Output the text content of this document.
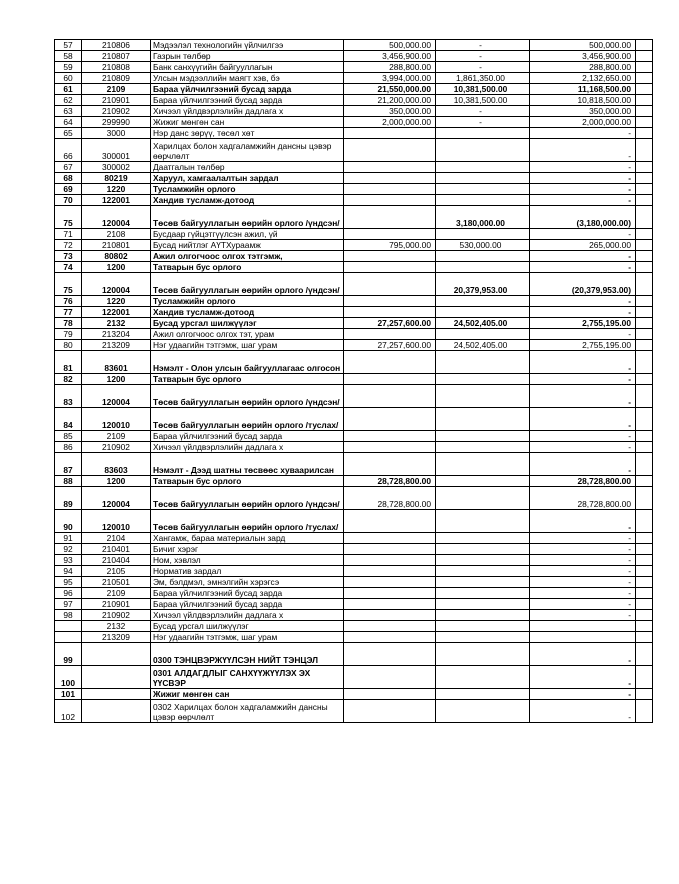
57	210806	Мэдээлэл технологийн үйлчилгээ	500,000.00	-	500,000.00	
58	210807	Газрын төлбөр	3,456,900.00	-	3,456,900.00	
59	210808	Банк санхүүгийн байгууллагын	288,800.00	-	288,800.00	
60	210809	Улсын мэдээллийн маягт хэв, бэ	3,994,000.00	1,861,350.00	2,132,650.00	
61	2109	Бараа үйлчилгээний бусад зарда	21,550,000.00	10,381,500.00	11,168,500.00	
62	210901	Бараа үйлчилгээний бусад зарда	21,200,000.00	10,381,500.00	10,818,500.00	
63	210902	Хичээл үйлдвэрлэлийн дадлага х	350,000.00	-	350,000.00	
64	299990	Жижиг мөнгөн сан	2,000,000.00	-	2,000,000.00	
65	3000	Нэр данс зөрүү, төсөл хөт			-	
66	300001	Харилцах болон хадгаламжийн дансны цэвэр өөрчлөлт			-	
67	300002	Даатгалын төлбөр			-	
68	80219	Харуул, хамгаалалтын зардал			-	
69	1220	Тусламжийн орлого			-	
70	122001	Хандив тусламж-дотоод			-	
75	120004	Төсөв байгууллагын өөрийн орлого /үндсэн/		3,180,000.00	(3,180,000.00)	
71	2108	Бусдаар гүйцэтгүүлсэн ажил, үй			-	
72	210801	Бусад нийтлэг АҮТХураамж	795,000.00	530,000.00	265,000.00	
73	80802	Ажил олгогчоос олгох тэтгэмж,			-	
74	1200	Татварын бус орлого			-	
75	120004	Төсөв байгууллагын өөрийн орлого /үндсэн/		20,379,953.00	(20,379,953.00)	
76	1220	Тусламжийн орлого			-	
77	122001	Хандив тусламж-дотоод			-	
78	2132	Бусад урсгал шилжүүлэг	27,257,600.00	24,502,405.00	2,755,195.00	
79	213204	Ажил олгогчоос олгох тэт, урам			-	
80	213209	Нэг удаагийн тэтгэмж, шаг урам	27,257,600.00	24,502,405.00	2,755,195.00	
81	83601	Нэмэлт - Олон улсын байгууллагаас олгосон			-	
82	1200	Татварын бус орлого			-	
83	120004	Төсөв байгууллагын өөрийн орлого /үндсэн/			-	
84	120010	Төсөв байгууллагын өөрийн орлого /туслах/			-	
85	2109	Бараа үйлчилгээний бусад зарда			-	
86	210902	Хичээл үйлдвэрлэлийн дадлага х			-	
87	83603	Нэмэлт - Дээд шатны төсвөөс хуваарилсан			-	
88	1200	Татварын бус орлого	28,728,800.00		28,728,800.00	
89	120004	Төсөв байгууллагын өөрийн орлого /үндсэн/	28,728,800.00		28,728,800.00	
90	120010	Төсөв байгууллагын өөрийн орлого /туслах/			-	
91	2104	Хангамж, бараа материалын зард			-	
92	210401	Бичиг хэрэг			-	
93	210404	Ном, хэвлэл			-	
94	2105	Норматив зардал			-	
95	210501	Эм, бэлдмэл, эмнэлгийн хэрэгсэ			-	
96	2109	Бараа үйлчилгээний бусад зарда			-	
97	210901	Бараа үйлчилгээний бусад зарда			-	
98	210902	Хичээл үйлдвэрлэлийн дадлага х			-	
	2132	Бусад урсгал шилжүүлэг				
	213209	Нэг удаагийн тэтгэмж, шаг урам				
99		0300 ТЭНЦВЭРЖҮҮЛСЭН НИЙТ ТЭНЦЭЛ			-	
100		0301 АЛДАГДЛЫГ САНХҮҮЖҮҮЛЭХ ЭХ ҮҮСВЭР			-	
101		Жижиг мөнгөн сан			-	
102		0302 Харилцах болон хадгаламжийн дансны цэвэр өөрчлөлт			-	
